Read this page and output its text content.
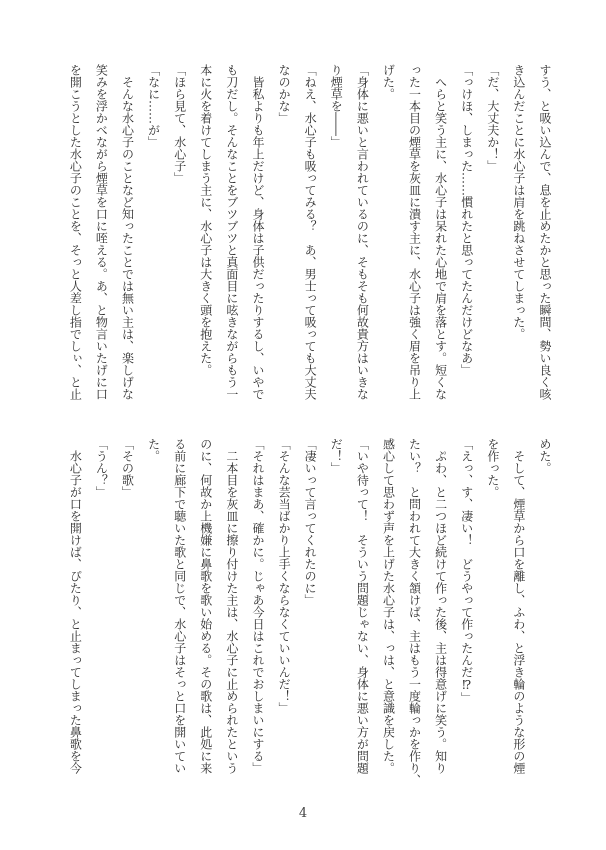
すう、と吸い込んで、息を止めたかと思った瞬間、勢い良く咳
き込んだことに水心子は肩を跳ねさせてしまった。
「だ、大丈夫か！」
「っけほ、しまった……慣れたと思ってたんだけどなあ」
　へらと笑う主に、水心子は呆れた心地で肩を落とす。短くな
った一本目の煙草を灰皿に潰す主に、水心子は強く眉を吊り上
げた。
「身体に悪いと言われているのに、そもそも何故貴方はいきな
り煙草を――」
「ねえ、水心子も吸ってみる？　あ、男士って吸っても大丈夫
なのかな」
　皆私よりも年上だけど、身体は子供だったりするし、いやで
も刀だし。そんなことをブツブツと真面目に呟きながらもう一
本に火を着けてしまう主に、水心子は大きく頭を抱えた。
「ほら見て、水心子」
「なに……が」
　そんな水心子のことなど知ったことでは無い主は、楽しげな
笑みを浮かべながら煙草を口に咥える。あ、と物言いたげに口
を開こうとした水心子のことを、そっと人差し指でしぃ、と止
めた。
　そして、煙草から口を離し、ふわ、と浮き輪のような形の煙
を作った。
「えっ、す、凄い！　どうやって作ったんだ⁉」
　ぷわ、と二つほど続けて作った後、主は得意げに笑う。知り
たい？　と問われて大きく頷けば、主はもう一度輪っかを作り、
感心して思わず声を上げた水心子は、っは、と意識を戻した。
「いや待って！　そういう問題じゃない、身体に悪い方が問題
だ！」
「凄いって言ってくれたのに」
「そんな芸当ばかり上手くならなくていいんだ！」
「それはまあ、確かに。じゃあ今日はこれでおしまいにする」
　二本目を灰皿に擦り付けた主は、水心子に止められたという
のに、何故か上機嫌に鼻歌を歌い始める。その歌は、此処に来
る前に廊下で聴いた歌と同じで、水心子はそっと口を開いてい
た。
「その歌」
「うん？」
　水心子が口を開けば、ぴたり、と止まってしまった鼻歌を今
4
